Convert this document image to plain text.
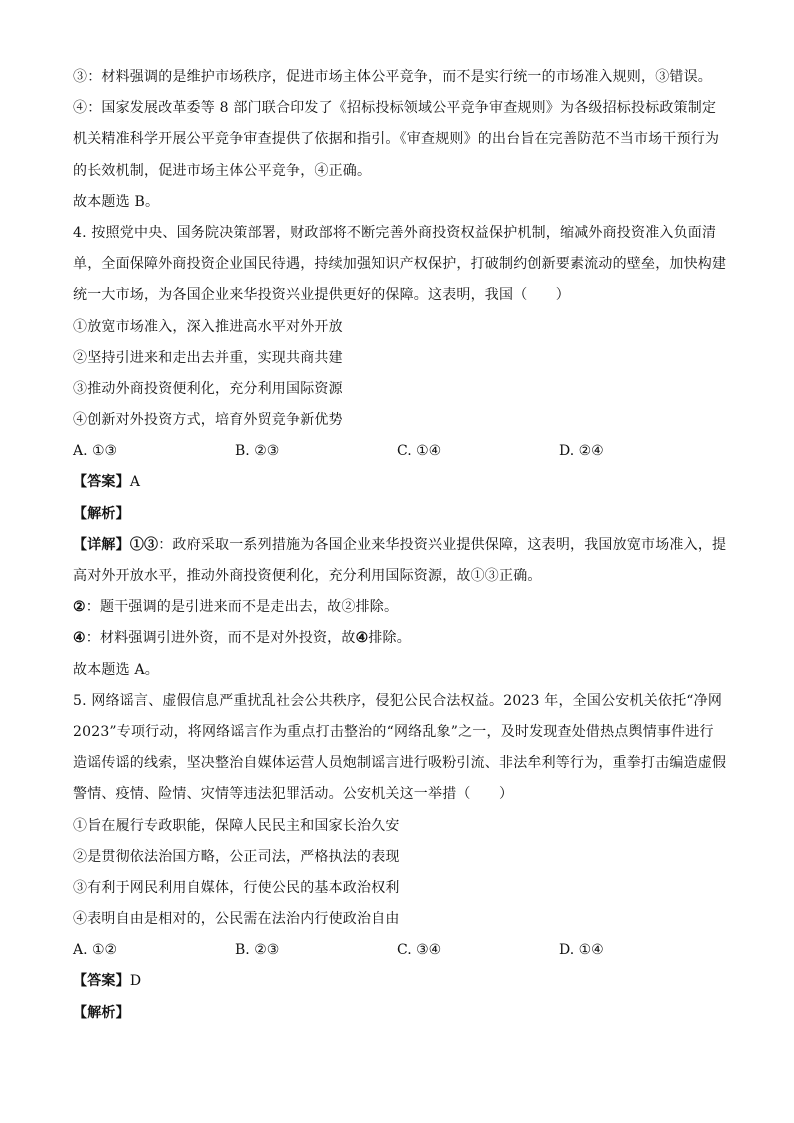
③：材料强调的是维护市场秩序，促进市场主体公平竞争，而不是实行统一的市场准入规则，③错误。
④：国家发展改革委等 8 部门联合印发了《招标投标领域公平竞争审查规则》为各级招标投标政策制定
机关精准科学开展公平竞争审查提供了依据和指引。《审查规则》的出台旨在完善防范不当市场干预行为
的长效机制，促进市场主体公平竞争，④正确。
故本题选 B。
4. 按照党中央、国务院决策部署，财政部将不断完善外商投资权益保护机制，缩减外商投资准入负面清
单，全面保障外商投资企业国民待遇，持续加强知识产权保护，打破制约创新要素流动的壁垒，加快构建
统一大市场，为各国企业来华投资兴业提供更好的保障。这表明，我国（　　）
①放宽市场准入，深入推进高水平对外开放
②坚持引进来和走出去并重，实现共商共建
③推动外商投资便利化，充分利用国际资源
④创新对外投资方式，培育外贸竞争新优势
A. ①③	B. ②③	C. ①④	D. ②④
【答案】A
【解析】
【详解】①③：政府采取一系列措施为各国企业来华投资兴业提供保障，这表明，我国放宽市场准入，提
高对外开放水平，推动外商投资便利化，充分利用国际资源，故①③正确。
②：题干强调的是引进来而不是走出去，故②排除。
④：材料强调引进外资，而不是对外投资，故④排除。
故本题选 A。
5. 网络谣言、虚假信息严重扰乱社会公共秩序，侵犯公民合法权益。2023 年，全国公安机关依托“净网
2023”专项行动，将网络谣言作为重点打击整治的“网络乱象”之一，及时发现查处借热点舆情事件进行
造谣传谣的线索，坚决整治自媒体运营人员炮制谣言进行吸粉引流、非法牟利等行为，重拳打击编造虚假
警情、疫情、险情、灾情等违法犯罪活动。公安机关这一举措（　　）
①旨在履行专政职能，保障人民民主和国家长治久安
②是贯彻依法治国方略，公正司法，严格执法的表现
③有利于网民利用自媒体，行使公民的基本政治权利
④表明自由是相对的，公民需在法治内行使政治自由
A. ①②	B. ②③	C. ③④	D. ①④
【答案】D
【解析】
